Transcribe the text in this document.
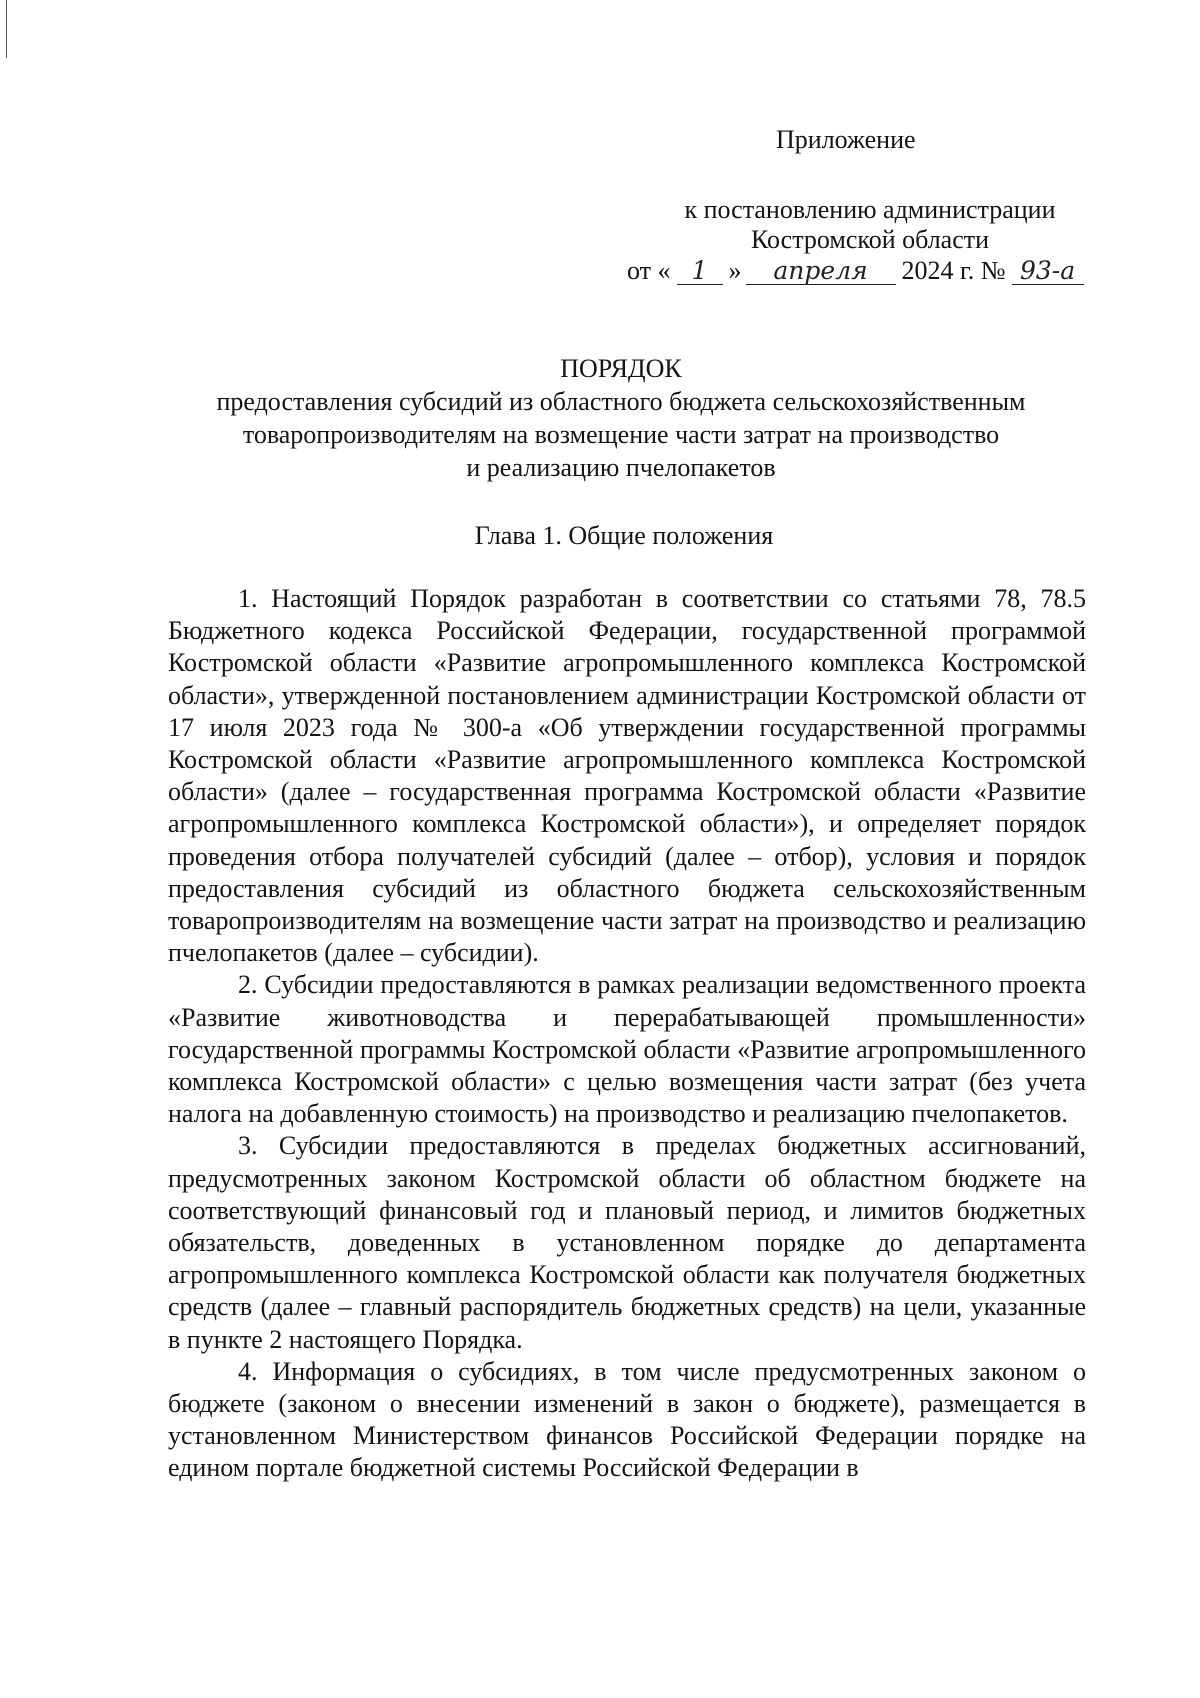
Приложение
к постановлению администрации
Костромской области
от « 1 » апреля 2024 г. № 93-а
ПОРЯДОК
предоставления субсидий из областного бюджета сельскохозяйственным
товаропроизводителям на возмещение части затрат на производство
и реализацию пчелопакетов
Глава 1. Общие положения

1. Настоящий Порядок разработан в соответствии со статьями 78, 78.5 Бюджетного кодекса Российской Федерации, государственной программой Костромской области «Развитие агропромышленного комплекса Костромской области», утвержденной постановлением администрации Костромской области от 17 июля 2023 года № 300-а «Об утверждении государственной программы Костромской области «Развитие агропромышленного комплекса Костромской области» (далее – государственная программа Костромской области «Развитие агропромышленного комплекса Костромской области»), и определяет порядок проведения отбора получателей субсидий (далее – отбор), условия и порядок предоставления субсидий из областного бюджета сельскохозяйственным товаропроизводителям на возмещение части затрат на производство и реализацию пчелопакетов (далее – субсидии).

2. Субсидии предоставляются в рамках реализации ведомственного проекта «Развитие животноводства и перерабатывающей промышленности» государственной программы Костромской области «Развитие агропромышленного комплекса Костромской области» с целью возмещения части затрат (без учета налога на добавленную стоимость) на производство и реализацию пчелопакетов.

3. Субсидии предоставляются в пределах бюджетных ассигнований, предусмотренных законом Костромской области об областном бюджете на соответствующий финансовый год и плановый период, и лимитов бюджетных обязательств, доведенных в установленном порядке до департамента агропромышленного комплекса Костромской области как получателя бюджетных средств (далее – главный распорядитель бюджетных средств) на цели, указанные в пункте 2 настоящего Порядка.

4. Информация о субсидиях, в том числе предусмотренных законом о бюджете (законом о внесении изменений в закон о бюджете), размещается в установленном Министерством финансов Российской Федерации порядке на едином портале бюджетной системы Российской Федерации в
